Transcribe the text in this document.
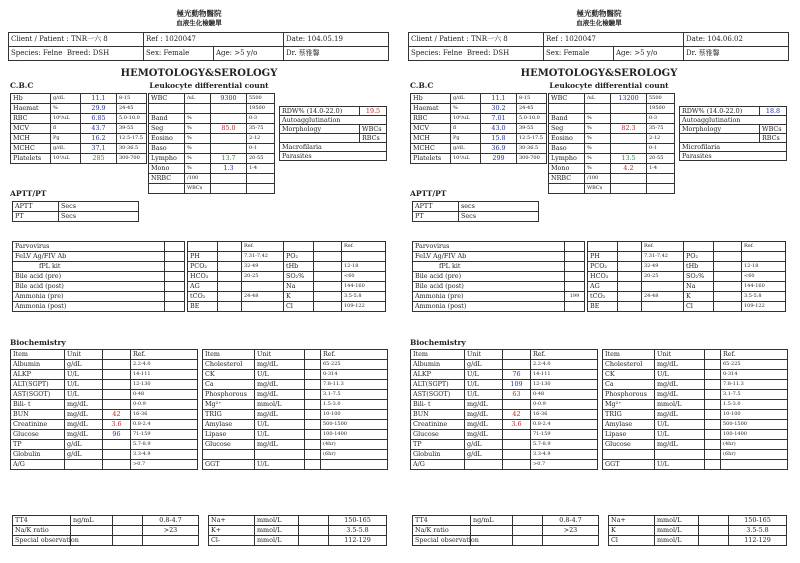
極光動物醫院
血液生化檢驗單
Client / Patient : TNR一六 8	Ref : 1020047		Date: 104.05.19
Species: Felne Breed: DSH	Sex: Female	Age: >5 y/o	Dr. 蔡雅馨
HEMOTOLOGY&SEROLOGY
C.B.C	Leukocyte differential count
Hb	g/dL	11.1	8-15
Haemat	%	29.9	24-45
RBC	10⁶/uL	6.85	5.0-10.0
MCV	fl	43.7	39-55
MCH	Pg	16.2	12.5-17.5
MCHC	g/dL	37.1	30-36.5
Platelets	10³/uL	285	300-700
WBC	/uL	9300	5500
			19500
Band	%		0-3
Seg	%	85.0	35-75
Eosino	%		2-12
Baso	%		0-1
Lympho	%	13.7	20-55
Mono	%	1.3	1-4
NRBC	/100		
	WBCs		
RDW% (14.0-22.0)	19.5
Autoagglutination	
Morphology	WBCs
	RBCs
Macrofilaria	
Parasites	
APTT/PT
APTT	Secs
PT	Secs
Parvovirus	
FeLV Ag/FIV Ab	
fPL kit	
Bile acid (pre)	
Bile acid (post)	
Ammonia (pre)	
Ammonia (post)	
		Ref.			Ref.
PH		7.31-7.42	PO₂		
PCO₂		32-49	tHb		12-18
HCO₃		20-25	SO₂%		<60
AG			Na		144-160
tCO₂		24-48	K		3.5-5.8
BE			Cl		109-122
Biochemistry
Item	Unit		Ref.
Albumin	g/dL		2.2-4.0
ALKP	U/L		14-111
ALT(SGPT)	U/L		12-130
AST(SGOT)	U/L		0-48
Bili- t	mg/dL		0-0.9
BUN	mg/dL	42	16-36
Creatinine	mg/dL	3.6	0.8-2.4
Glucose	mg/dL	96	71-159
TP	g/dL		5.7-8.9
Globulin	g/dL		3.3-4.9
A/G			>0.7
Item	Unit		Ref.
Cholesterol	mg/dL		65-225
CK	U/L		0-314
Ca	mg/dL		7.8-11.3
Phosphorous	mg/dL		3.1-7.5
Mg²⁺	mmol/L		1.5-3.0
TRIG	mg/dL		10-100
Amylase	U/L		500-1500
Lipase	U/L		100-1400
Glucose	mg/dL		(4hr)
			(6hr)
GGT	U/L		
TT4	ng/mL		0.8-4.7
Na/K ratio			>23
Special observation			
Na+	mmol/L		150-165
K+	mmol/L		3.5-5.8
Cl-	mmol/L		112-129
極光動物醫院
血液生化檢驗單
Client / Patient : TNR一六 8	Ref : 1020047		Date: 104.06.02
Species: Felne Breed: DSH	Sex: Female	Age: >5 y/o	Dr. 蔡雅馨
HEMOTOLOGY&SEROLOGY
C.B.C	Leukocyte differential count
Hb	g/dL	11.1	8-15
Haemat	%	30.2	24-45
RBC	10⁶/uL	7.01	5.0-10.0
MCV	fl	43.0	39-55
MCH	Pg	15.8	12.5-17.5
MCHC	g/dL	36.9	30-36.5
Platelets	10³/uL	299	300-700
WBC	/uL	13200	5500
			19500
Band	%		0-3
Seg	%	82.3	35-75
Eosino	%		2-12
Baso	%		0-1
Lympho	%	13.5	20-55
Mono	%	4.2	1-4
NRBC	/100		
	WBCs		
RDW% (14.0-22.0)	18.8
Autoagglutination	
Morphology	WBCs
	RBCs
Microfilaria	
Parasites	
APTT/PT
APTT	secs
PT	Secs
Parvovirus	
FeLV Ag/FIV Ab	
fPL kit	
Bile acid (pre)	
Bile acid (post)	
Ammonia (pre)	199
Ammonia (post)	
		Ref.			Ref.
PH		7.31-7.42	PO₂		
PCO₂		32-49	tHb		12-18
HCO₃		20-25	SO₂%		<60
AG			Na		144-160
tCO₂		24-48	K		3.5-5.8
BE			Cl		109-122
Biochemistry
Item	Unit		Ref.
Albumin	g/dL		2.2-4.0
ALKP	U/L	76	14-111
ALT(SGPT)	U/L	109	12-130
AST(SGOT)	U/L	63	0-48
Bili- t	mg/dL		0-0.9
BUN	mg/dL	42	16-36
Creatinine	mg/dL	3.6	0.8-2.4
Glucose	mg/dL		71-159
TP	g/dL		5.7-8.9
Globulin	g/dL		3.3-4.9
A/G			>0.7
Item	Unit		Ref.
Cholesterol	mg/dL		65-225
CK	U/L		0-314
Ca	mg/dL		7.8-11.3
Phosphorous	mg/dL		3.1-7.5
Mg²⁺	mmol/L		1.5-3.0
TRIG	mg/dL		10-100
Amylase	U/L		500-1500
Lipase	U/L		100-1400
Glucose	mg/dL		(4hr)
			(6hr)
GGT	U/L		
TT4	ng/mL		0.8-4.7
Na/K ratio			>23
Special observation			
Na+	mmol/L		150-165
K	mmol/L		3.5-5.8
Cl	mmol/L		112-129
